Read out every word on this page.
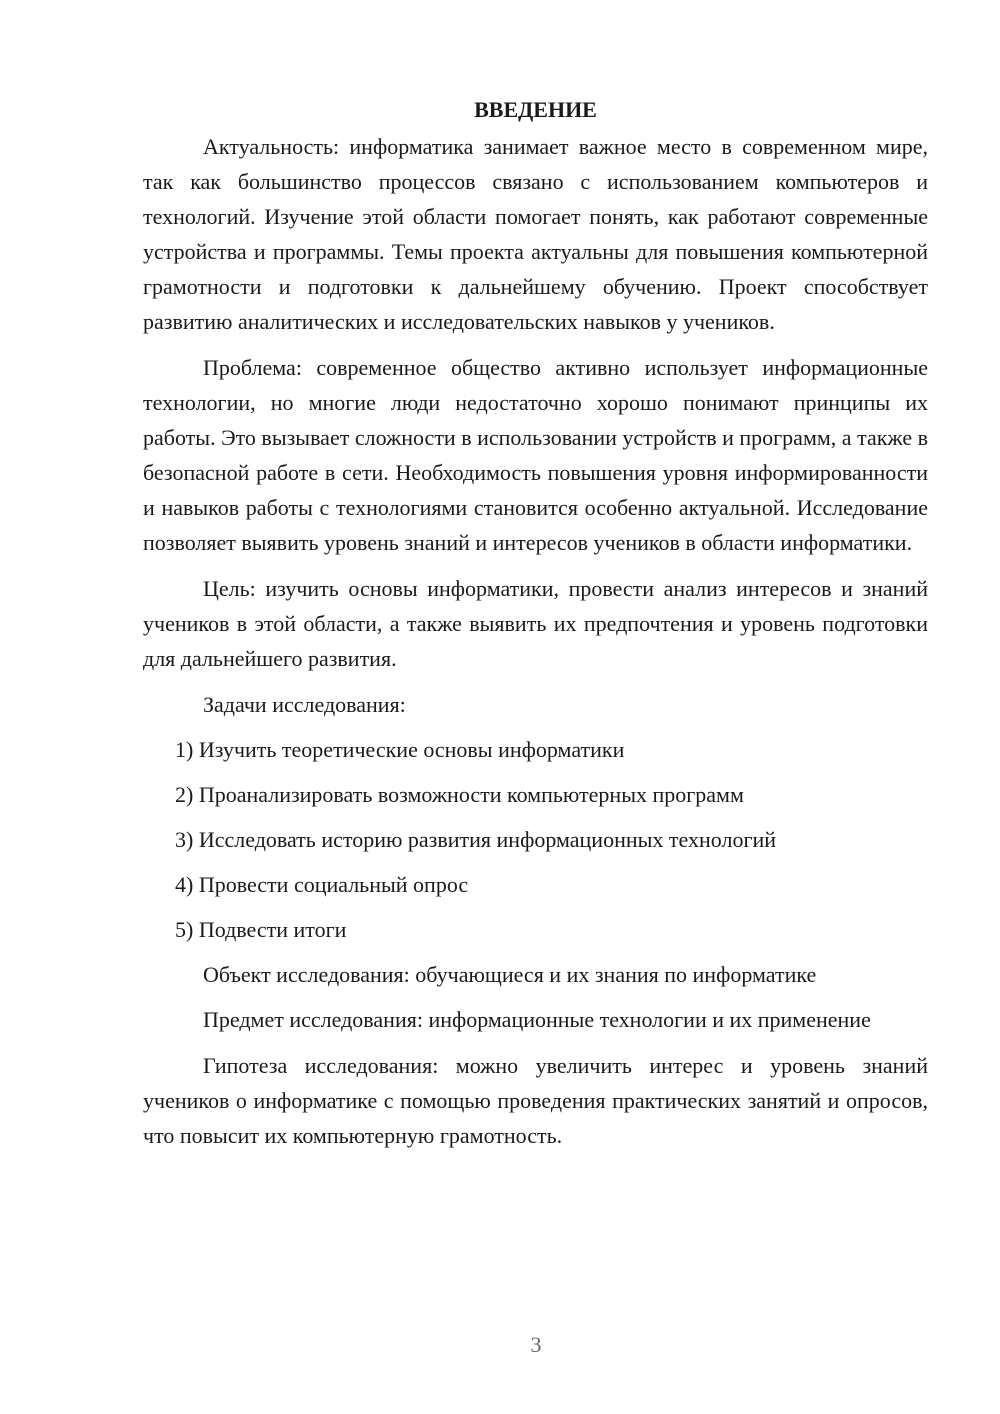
ВВЕДЕНИЕ

Актуальность: информатика занимает важное место в современном мире, так как большинство процессов связано с использованием компьютеров и технологий. Изучение этой области помогает понять, как работают современные устройства и программы. Темы проекта актуальны для повышения компьютерной грамотности и подготовки к дальнейшему обучению. Проект способствует развитию аналитических и исследовательских навыков у учеников.

Проблема: современное общество активно использует информационные технологии, но многие люди недостаточно хорошо понимают принципы их работы. Это вызывает сложности в использовании устройств и программ, а также в безопасной работе в сети. Необходимость повышения уровня информированности и навыков работы с технологиями становится особенно актуальной. Исследование позволяет выявить уровень знаний и интересов учеников в области информатики.

Цель: изучить основы информатики, провести анализ интересов и знаний учеников в этой области, а также выявить их предпочтения и уровень подготовки для дальнейшего развития.

Задачи исследования:

1) Изучить теоретические основы информатики
2) Проанализировать возможности компьютерных программ
3) Исследовать историю развития информационных технологий
4) Провести социальный опрос
5) Подвести итоги

Объект исследования: обучающиеся и их знания по информатике

Предмет исследования: информационные технологии и их применение

Гипотеза исследования: можно увеличить интерес и уровень знаний учеников о информатике с помощью проведения практических занятий и опросов, что повысит их компьютерную грамотность.

3
